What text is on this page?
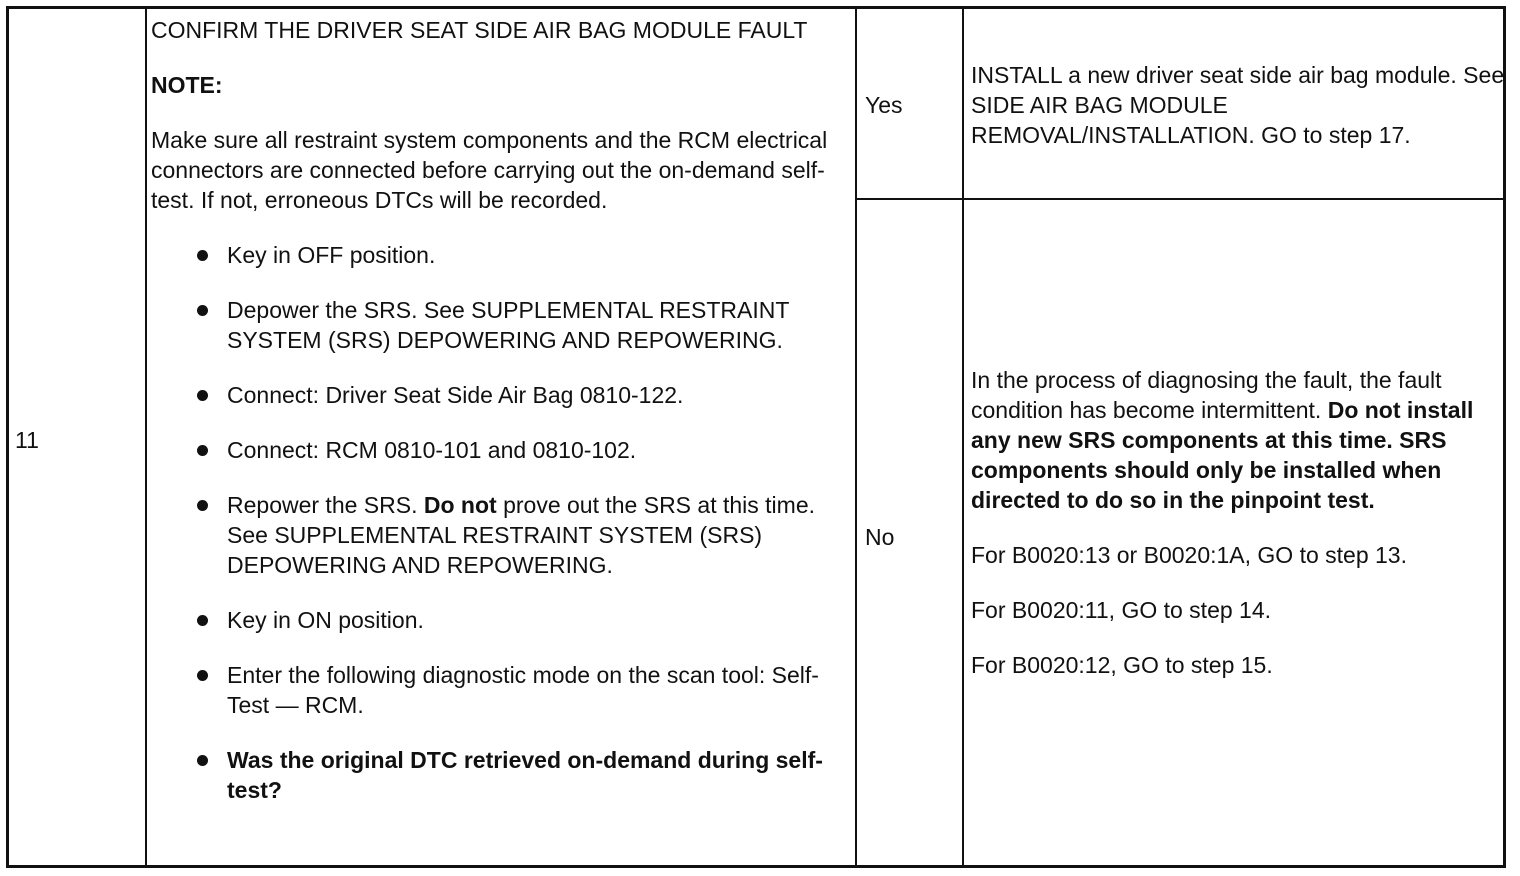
11

CONFIRM THE DRIVER SEAT SIDE AIR BAG MODULE FAULT

NOTE:

Make sure all restraint system components and the RCM electrical connectors are connected before carrying out the on-demand self-test. If not, erroneous DTCs will be recorded.

Key in OFF position.
Depower the SRS. See SUPPLEMENTAL RESTRAINT SYSTEM (SRS) DEPOWERING AND REPOWERING.
Connect: Driver Seat Side Air Bag 0810-122.
Connect: RCM 0810-101 and 0810-102.
Repower the SRS. Do not prove out the SRS at this time. See SUPPLEMENTAL RESTRAINT SYSTEM (SRS) DEPOWERING AND REPOWERING.
Key in ON position.
Enter the following diagnostic mode on the scan tool: Self-Test — RCM.
Was the original DTC retrieved on-demand during self-test?
Yes
INSTALL a new driver seat side air bag module. See SIDE AIR BAG MODULE REMOVAL/INSTALLATION. GO to step 17.
No

In the process of diagnosing the fault, the fault condition has become intermittent. Do not install any new SRS components at this time. SRS components should only be installed when directed to do so in the pinpoint test.

For B0020:13 or B0020:1A, GO to step 13.

For B0020:11, GO to step 14.

For B0020:12, GO to step 15.
